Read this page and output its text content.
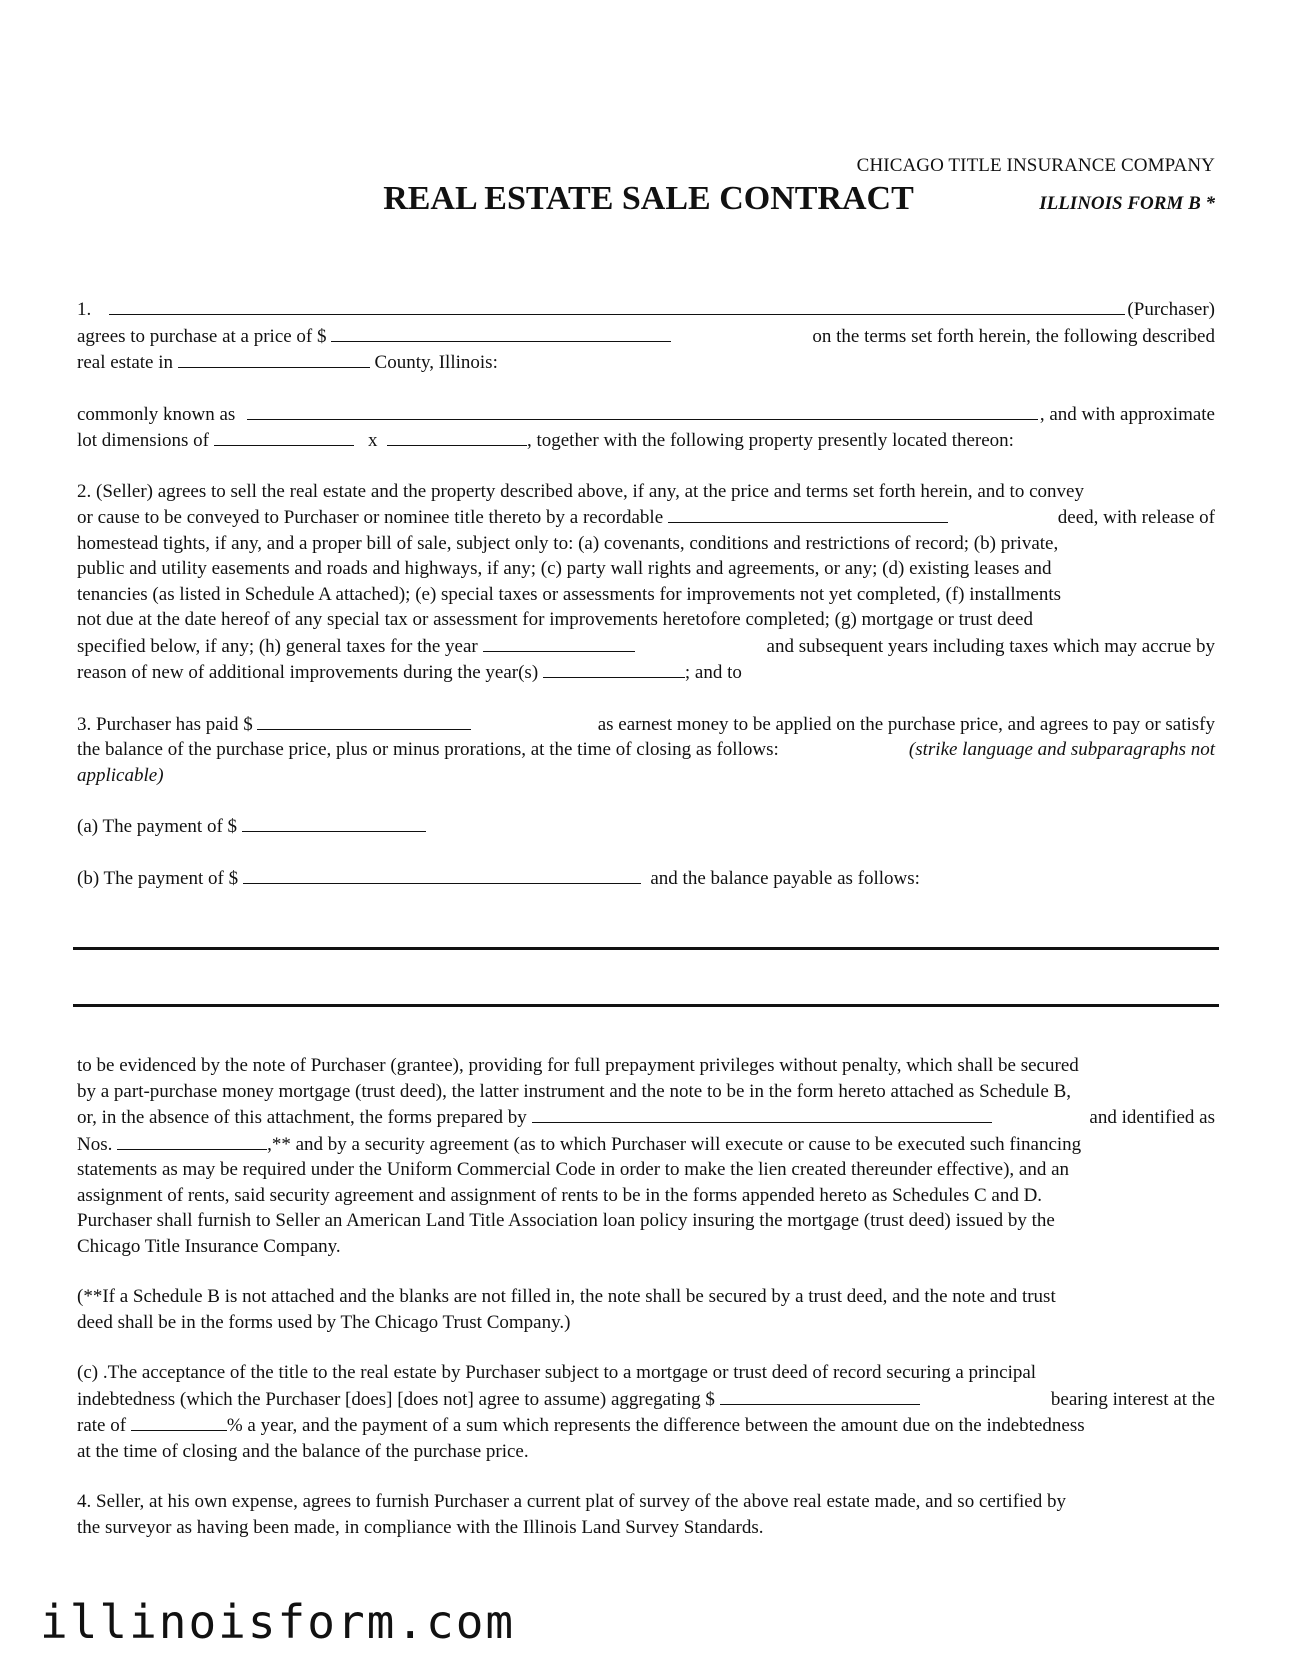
CHICAGO TITLE INSURANCE COMPANY
REAL ESTATE SALE CONTRACT	ILLINOIS FORM B *
1.	(Purchaser)
agrees to purchase at a price of $	on the terms set forth herein, the following described
real estate in

	County, Illinois:
commonly known as	, and with approximate
lot dimensions of

	x
	, together with the following property presently located thereon:
2. (Seller) agrees to sell the real estate and the property described above, if any, at the price and terms set forth herein, and to convey
or cause to be conveyed to Purchaser or nominee title thereto by a recordable	deed, with release of
homestead tights, if any, and a proper bill of sale, subject only to: (a) covenants, conditions and restrictions of record; (b) private,
public and utility easements and roads and highways, if any; (c) party wall rights and agreements, or any; (d) existing leases and
tenancies (as listed in Schedule A attached); (e) special taxes or assessments for improvements not yet completed, (f) installments
not due at the date hereof of any special tax or assessment for improvements heretofore completed; (g) mortgage or trust deed
specified below, if any; (h) general taxes for the year	and subsequent years including taxes which may accrue by
reason of new of additional improvements during the year(s)
	; and to
3. Purchaser has paid $	as earnest money to be applied on the purchase price, and agrees to pay or satisfy
the balance of the purchase price, plus or minus prorations, at the time of closing as follows:	(strike language and subparagraphs not
applicable)
(a) The payment of $

(b) The payment of $

	and the balance payable as follows:
to be evidenced by the note of Purchaser (grantee), providing for full prepayment privileges without penalty, which shall be secured
by a part-purchase money mortgage (trust deed), the latter instrument and the note to be in the form hereto attached as Schedule B,
or, in the absence of this attachment, the forms prepared by	and identified as
Nos.	,** and by a security agreement (as to which Purchaser will execute or cause to be executed such financing
statements as may be required under the Uniform Commercial Code in order to make the lien created thereunder effective), and an
assignment of rents, said security agreement and assignment of rents to be in the forms appended hereto as Schedules C and D.
Purchaser shall furnish to Seller an American Land Title Association loan policy insuring the mortgage (trust deed) issued by the
Chicago Title Insurance Company.
(**If a Schedule B is not attached and the blanks are not filled in, the note shall be secured by a trust deed, and the note and trust
deed shall be in the forms used by The Chicago Trust Company.)
(c) .The acceptance of the title to the real estate by Purchaser subject to a mortgage or trust deed of record securing a principal
indebtedness (which the Purchaser [does] [does not] agree to assume) aggregating $	bearing interest at the
rate of	% a year, and the payment of a sum which represents the difference between the amount due on the indebtedness
at the time of closing and the balance of the purchase price.
4. Seller, at his own expense, agrees to furnish Purchaser a current plat of survey of the above real estate made, and so certified by
the surveyor as having been made, in compliance with the Illinois Land Survey Standards.
illinoisform.com
